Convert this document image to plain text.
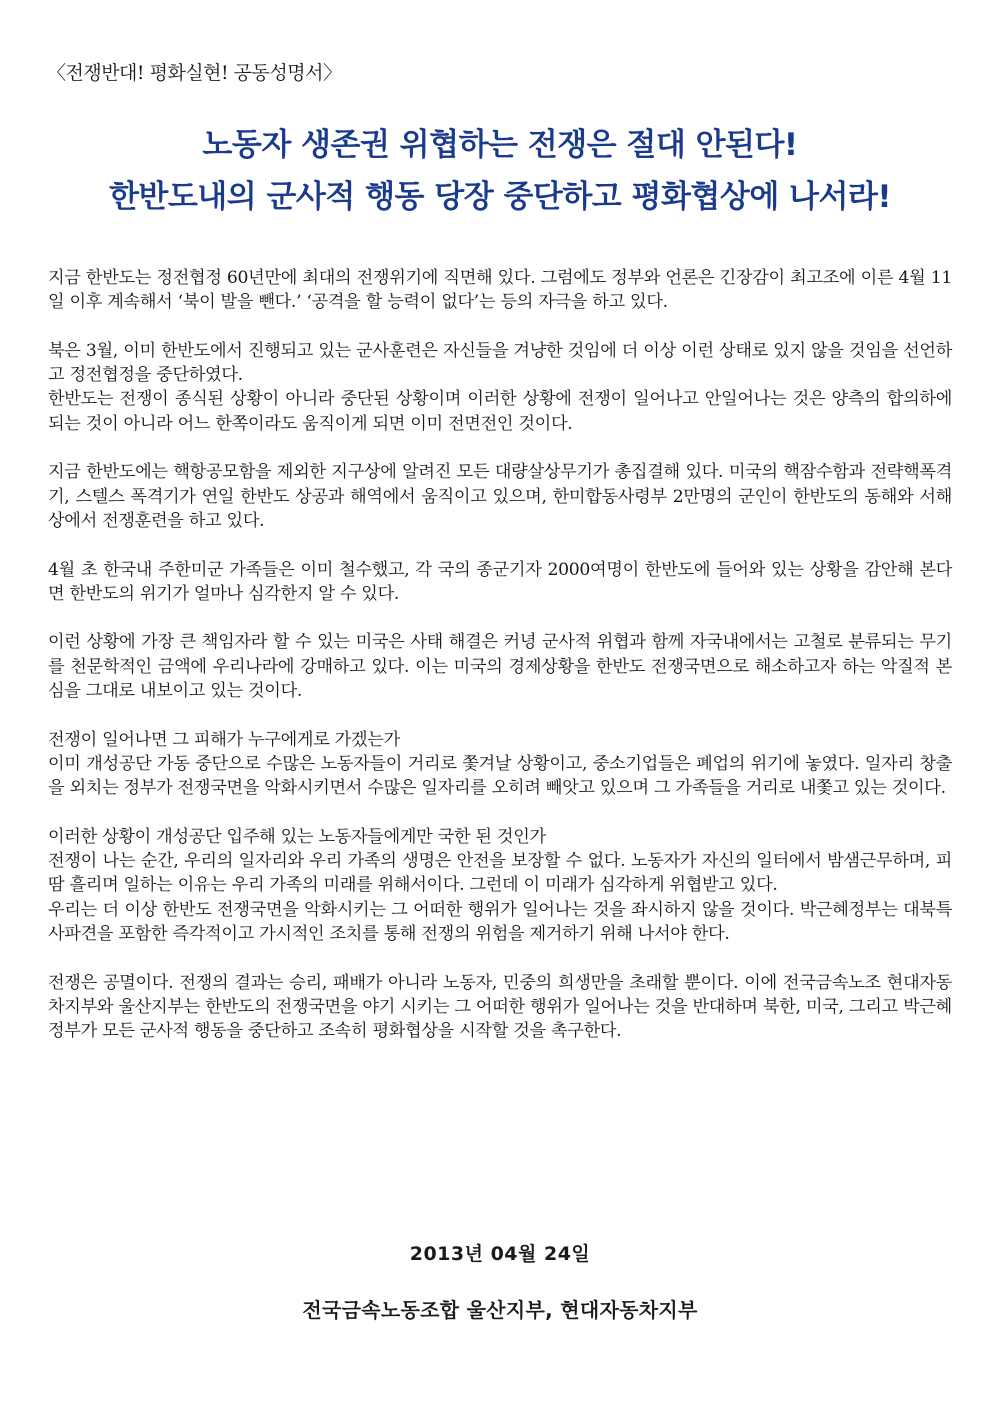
〈전쟁반대! 평화실현! 공동성명서〉
노동자 생존권 위협하는 전쟁은 절대 안된다!
한반도내의 군사적 행동 당장 중단하고 평화협상에 나서라!
지금 한반도는 정전협정 60년만에 최대의 전쟁위기에 직면해 있다. 그럼에도 정부와 언론은 긴장감이 최고조에 이른 4월 11일 이후 계속해서 ‘북이 발을 뺀다.’ ‘공격을 할 능력이 없다’는 등의 자극을 하고 있다.
북은 3월, 이미 한반도에서 진행되고 있는 군사훈련은 자신들을 겨냥한 것임에 더 이상 이런 상태로 있지 않을 것임을 선언하고 정전협정을 중단하였다.
한반도는 전쟁이 종식된 상황이 아니라 중단된 상황이며 이러한 상황에 전쟁이 일어나고 안일어나는 것은 양측의 합의하에 되는 것이 아니라 어느 한쪽이라도 움직이게 되면 이미 전면전인 것이다.
지금 한반도에는 핵항공모함을 제외한 지구상에 알려진 모든 대량살상무기가 총집결해 있다. 미국의 핵잠수함과 전략핵폭격기, 스텔스 폭격기가 연일 한반도 상공과 해역에서 움직이고 있으며, 한미합동사령부 2만명의 군인이 한반도의 동해와 서해상에서 전쟁훈련을 하고 있다.
4월 초 한국내 주한미군 가족들은 이미 철수했고, 각 국의 종군기자 2000여명이 한반도에 들어와 있는 상황을 감안해 본다면 한반도의 위기가 얼마나 심각한지 알 수 있다.
이런 상황에 가장 큰 책임자라 할 수 있는 미국은 사태 해결은 커녕 군사적 위협과 함께 자국내에서는 고철로 분류되는 무기를 천문학적인 금액에 우리나라에 강매하고 있다. 이는 미국의 경제상황을 한반도 전쟁국면으로 해소하고자 하는 악질적 본심을 그대로 내보이고 있는 것이다.
전쟁이 일어나면 그 피해가 누구에게로 가겠는가
이미 개성공단 가동 중단으로 수많은 노동자들이 거리로 쫓겨날 상황이고, 중소기업들은 폐업의 위기에 놓였다. 일자리 창출을 외치는 정부가 전쟁국면을 악화시키면서 수많은 일자리를 오히려 빼앗고 있으며 그 가족들을 거리로 내쫓고 있는 것이다.
이러한 상황이 개성공단 입주해 있는 노동자들에게만 국한 된 것인가
전쟁이 나는 순간, 우리의 일자리와 우리 가족의 생명은 안전을 보장할 수 없다. 노동자가 자신의 일터에서 밤샘근무하며, 피땀 흘리며 일하는 이유는 우리 가족의 미래를 위해서이다. 그런데 이 미래가 심각하게 위협받고 있다.
우리는 더 이상 한반도 전쟁국면을 악화시키는 그 어떠한 행위가 일어나는 것을 좌시하지 않을 것이다. 박근혜정부는 대북특사파견을 포함한 즉각적이고 가시적인 조치를 통해 전쟁의 위험을 제거하기 위해 나서야 한다.
전쟁은 공멸이다. 전쟁의 결과는 승리, 패배가 아니라 노동자, 민중의 희생만을 초래할 뿐이다. 이에 전국금속노조 현대자동차지부와 울산지부는 한반도의 전쟁국면을 야기 시키는 그 어떠한 행위가 일어나는 것을 반대하며 북한, 미국, 그리고 박근혜정부가 모든 군사적 행동을 중단하고 조속히 평화협상을 시작할 것을 촉구한다.
2013년 04월 24일
전국금속노동조합 울산지부, 현대자동차지부
